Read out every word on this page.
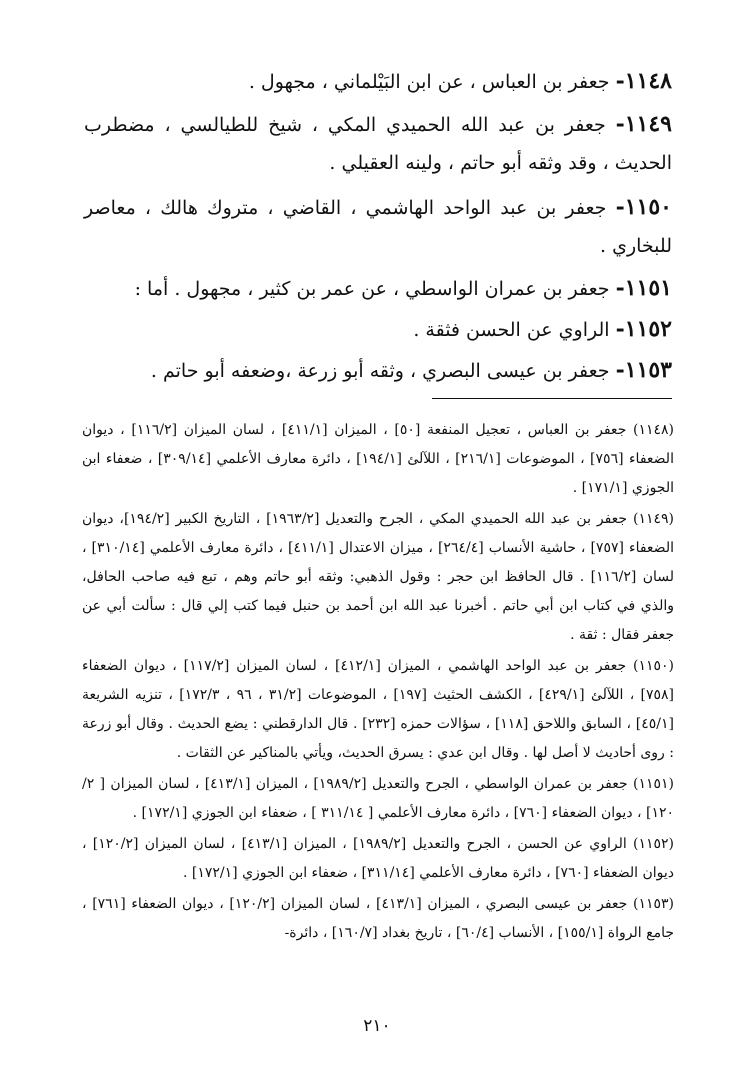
١١٤٨- جعفر بن العباس ، عن ابن البَيْلماني ، مجهول .

١١٤٩- جعفر بن عبد الله الحميدي المكي ، شيخ للطيالسي ، مضطرب الحديث ، وقد وثقه أبو حاتم ، ولينه العقيلي .

١١٥٠- جعفر بن عبد الواحد الهاشمي ، القاضي ، متروك هالك ، معاصر للبخاري .

١١٥١- جعفر بن عمران الواسطي ، عن عمر بن كثير ، مجهول . أما :

١١٥٢- الراوي عن الحسن فثقة .

١١٥٣- جعفر بن عيسى البصري ، وثقه أبو زرعة ،وضعفه أبو حاتم .

(١١٤٨) جعفر بن العباس ، تعجيل المنفعة [٥٠] ، الميزان [٤١١/١] ، لسان الميزان [١١٦/٢] ، ديوان الضعفاء [٧٥٦] ، الموضوعات [٢١٦/١] ، اللآلئ [١٩٤/١] ، دائرة معارف الأعلمي [٣٠٩/١٤] ، ضعفاء ابن الجوزي [١٧١/١] .

(١١٤٩) جعفر بن عبد الله الحميدي المكي ، الجرح والتعديل [١٩٦٣/٢] ، التاريخ الكبير [١٩٤/٢]، ديوان الضعفاء [٧٥٧] ، حاشية الأنساب [٢٦٤/٤] ، ميزان الاعتدال [٤١١/١] ، دائرة معارف الأعلمي [٣١٠/١٤] ، لسان [١١٦/٢] . قال الحافظ ابن حجر : وقول الذهبي: وثقه أبو حاتم وهم ، تبع فيه صاحب الحافل، والذي في كتاب ابن أبي حاتم . أخبرنا عبد الله ابن أحمد بن حنبل فيما كتب إلي قال : سألت أبي عن جعفر فقال : ثقة .

(١١٥٠) جعفر بن عبد الواحد الهاشمي ، الميزان [٤١٢/١] ، لسان الميزان [١١٧/٢] ، ديوان الضعفاء [٧٥٨] ، اللآلئ [٤٢٩/١] ، الكشف الحثيث [١٩٧] ، الموضوعات [٣١/٢ ، ٩٦ ، ١٧٢/٣] ، تنزيه الشريعة [٤٥/١] ، السابق واللاحق [١١٨] ، سؤالات حمزه [٢٣٢] . قال الدارقطني : يضع الحديث . وقال أبو زرعة : روى أحاديث لا أصل لها . وقال ابن عدي : يسرق الحديث، ويأتي بالمناكير عن الثقات .

(١١٥١) جعفر بن عمران الواسطي ، الجرح والتعديل [١٩٨٩/٢] ، الميزان [٤١٣/١] ، لسان الميزان [ ٢/ ١٢٠] ، ديوان الضعفاء [٧٦٠] ، دائرة معارف الأعلمي [ ٣١١/١٤ ] ، ضعفاء ابن الجوزي [١٧٢/١] .

(١١٥٢) الراوي عن الحسن ، الجرح والتعديل [١٩٨٩/٢] ، الميزان [٤١٣/١] ، لسان الميزان [١٢٠/٢] ، ديوان الضعفاء [٧٦٠] ، دائرة معارف الأعلمي [٣١١/١٤] ، ضعفاء ابن الجوزي [١٧٢/١] .

(١١٥٣) جعفر بن عيسى البصري ، الميزان [٤١٣/١] ، لسان الميزان [١٢٠/٢] ، ديوان الضعفاء [٧٦١] ، جامع الرواة [١٥٥/١] ، الأنساب [٦٠/٤] ، تاريخ بغداد [١٦٠/٧] ، دائرة-

٢١٠
